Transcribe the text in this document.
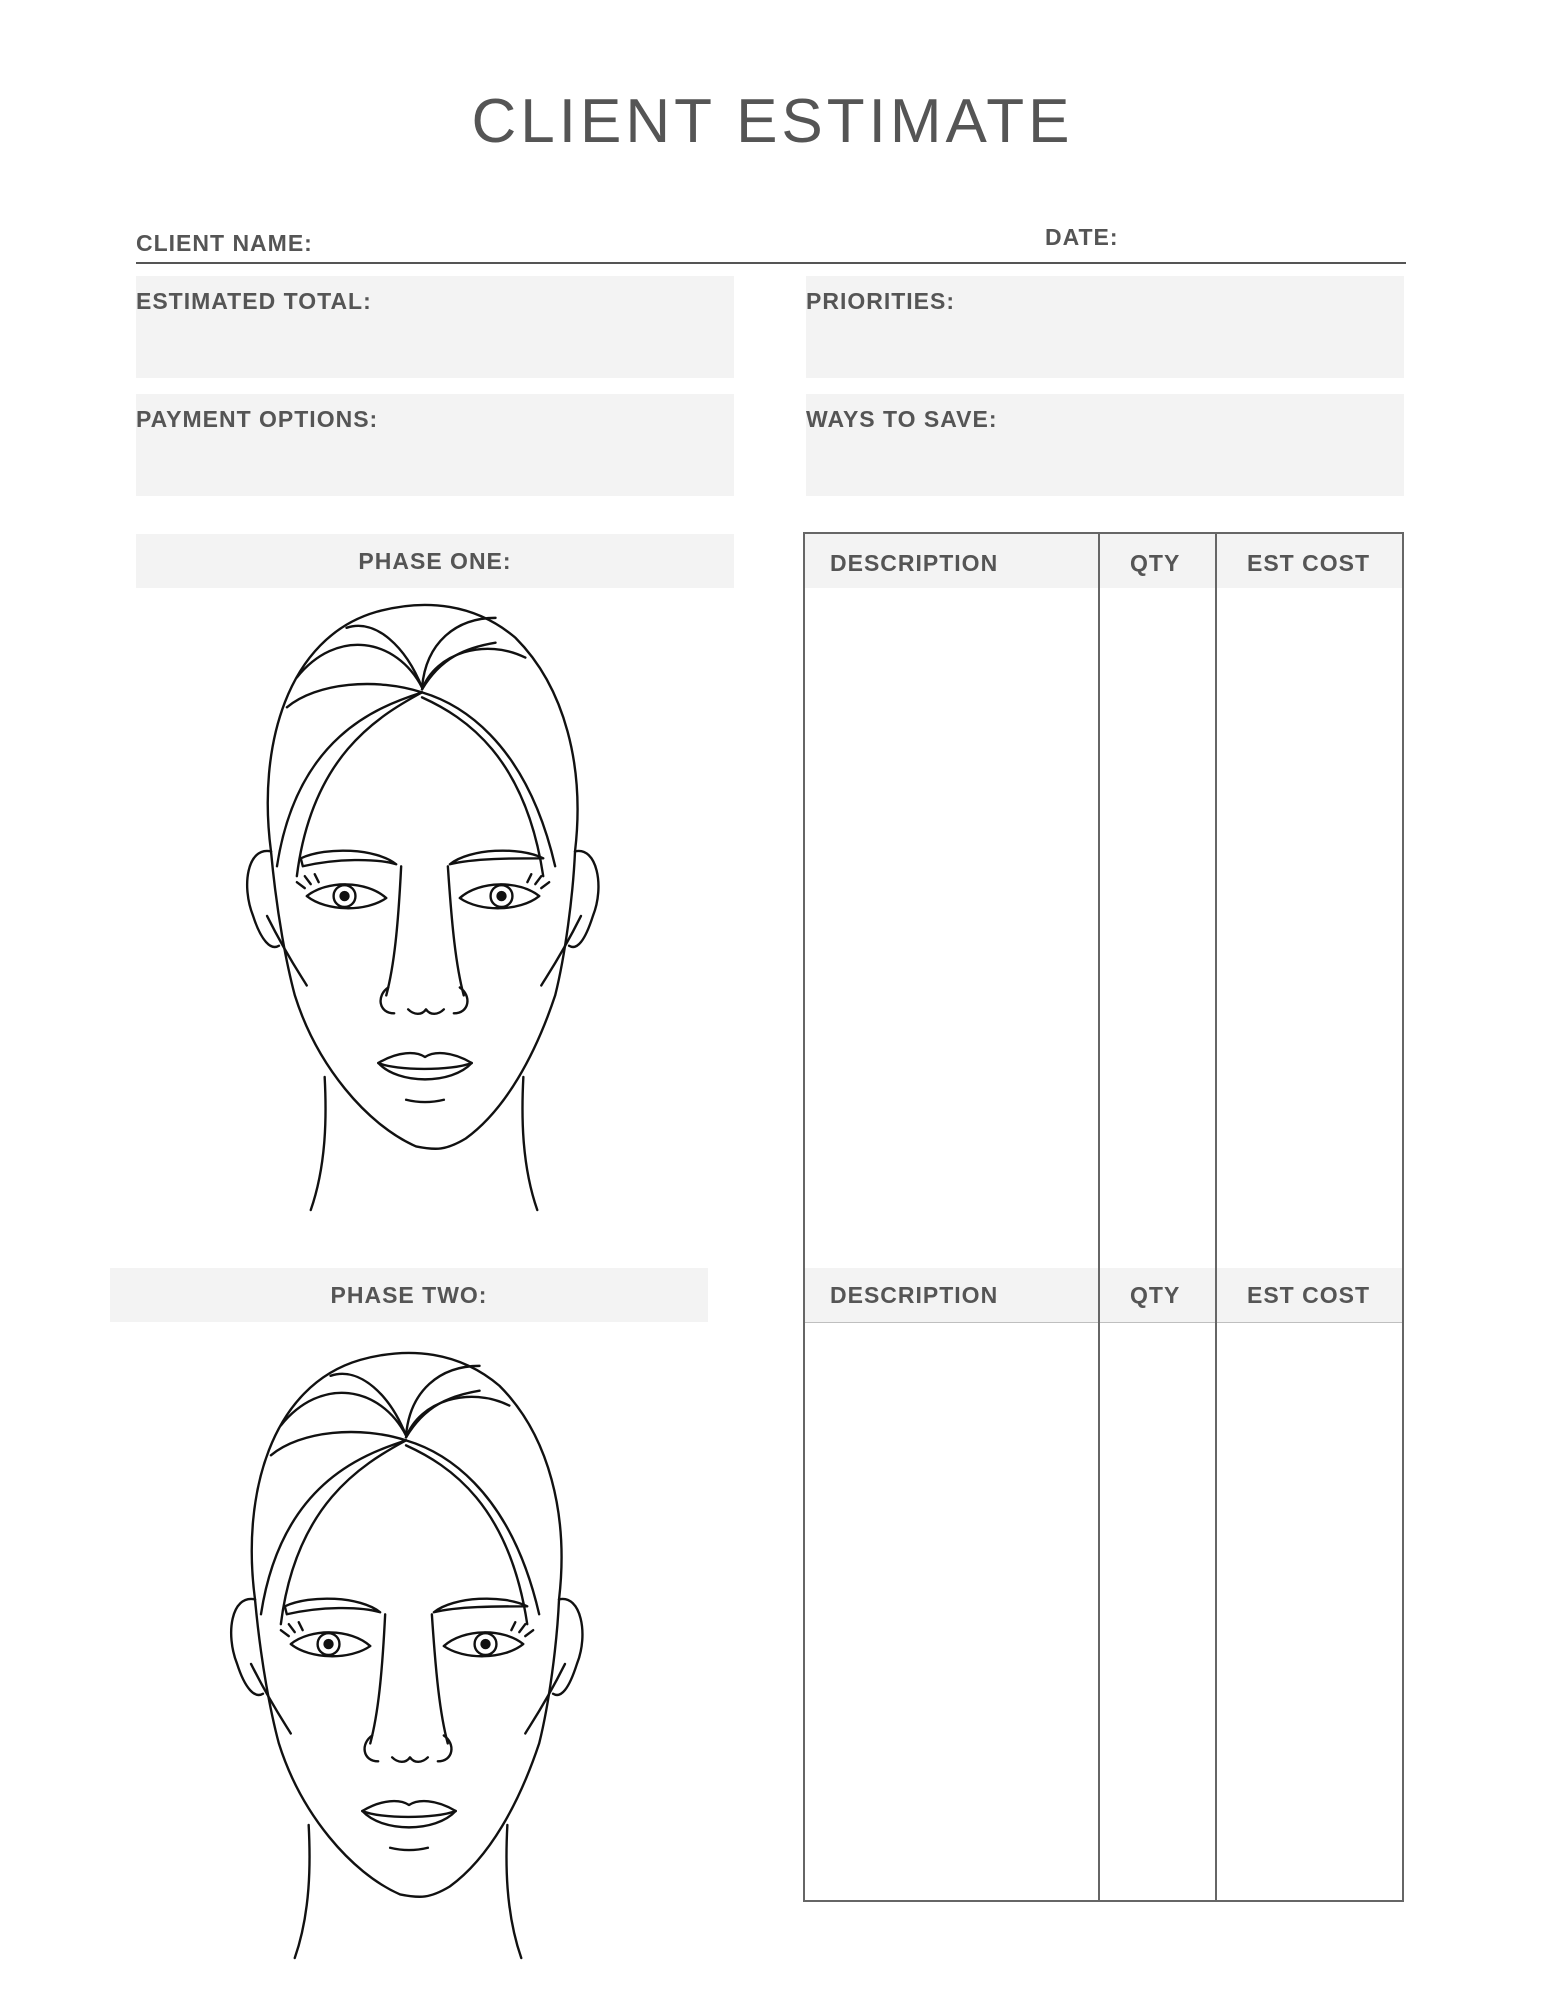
CLIENT ESTIMATE
CLIENT NAME:	DATE:
ESTIMATED TOTAL:	PRIORITIES:
PAYMENT OPTIONS:	WAYS TO SAVE:
PHASE ONE:
PHASE TWO:
DESCRIPTION	QTY	EST COST
DESCRIPTION	QTY	EST COST
